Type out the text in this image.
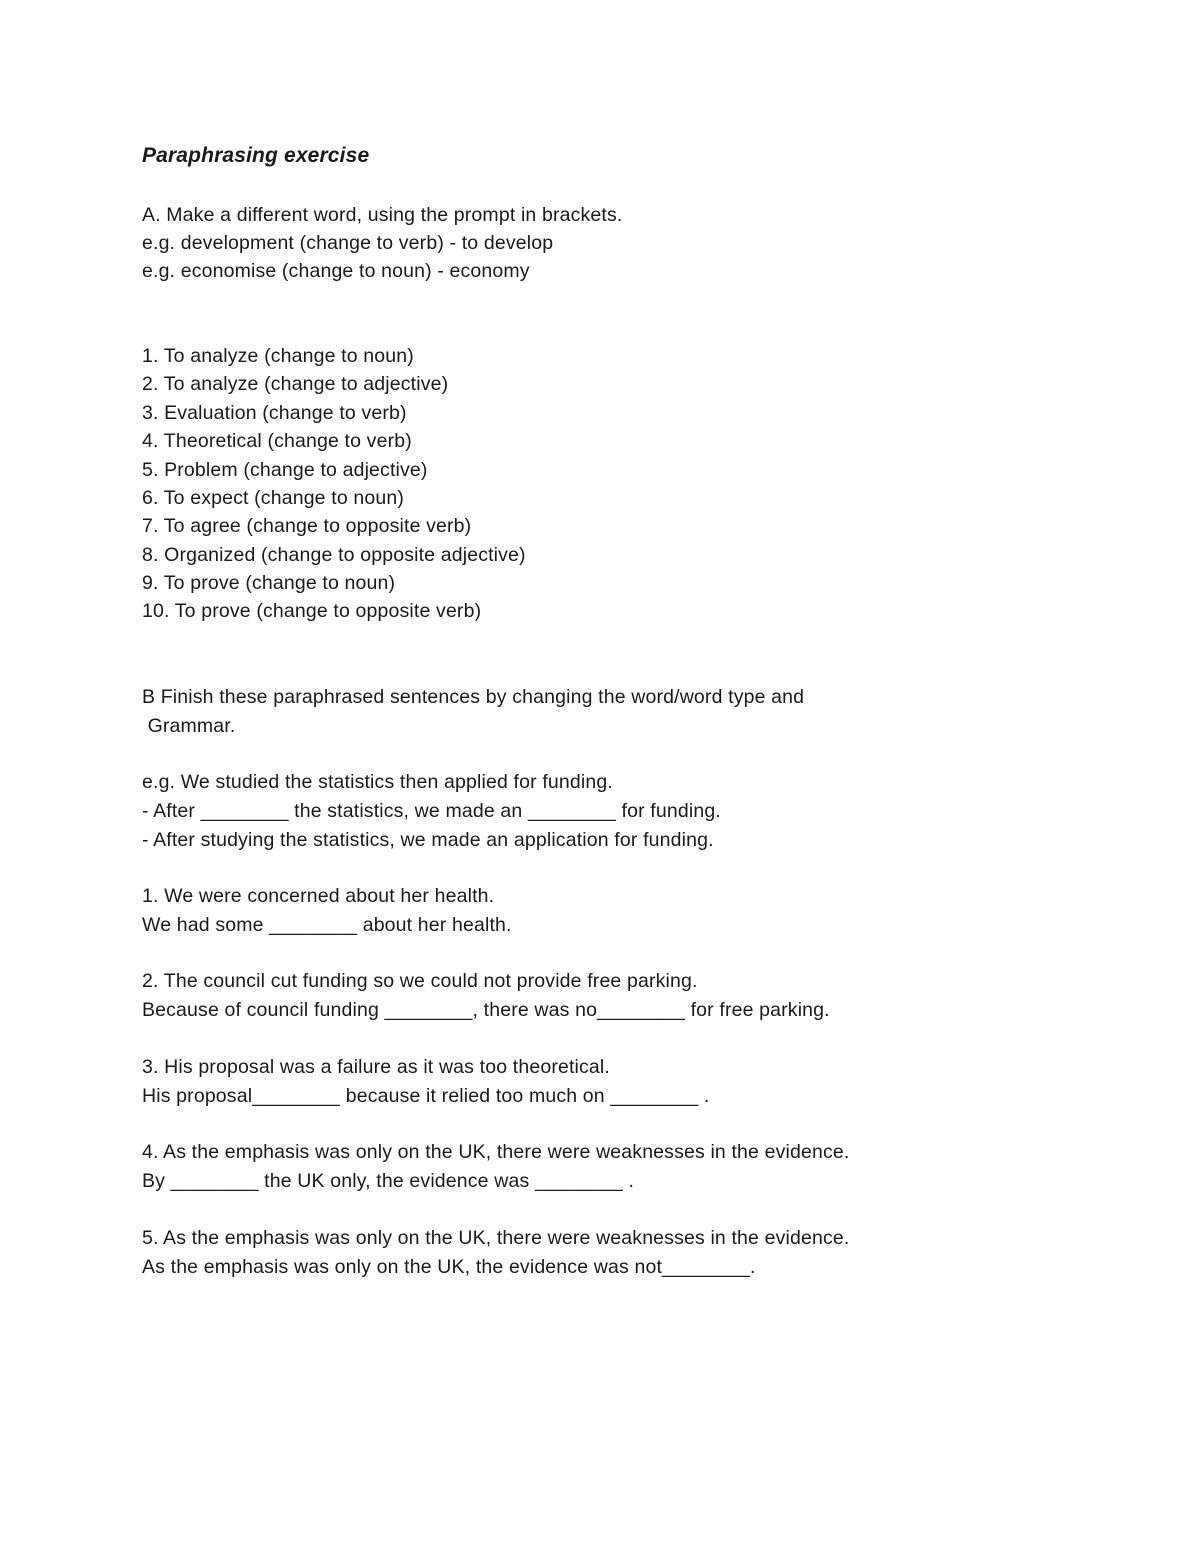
Paraphrasing exercise
A. Make a different word, using the prompt in brackets.
e.g. development (change to verb) - to develop
e.g. economise (change to noun) - economy
1. To analyze (change to noun)
2. To analyze (change to adjective)
3. Evaluation (change to verb)
4. Theoretical (change to verb)
5. Problem (change to adjective)
6. To expect (change to noun)
7. To agree (change to opposite verb)
8. Organized (change to opposite adjective)
9. To prove (change to noun)
10. To prove (change to opposite verb)
B Finish these paraphrased sentences by changing the word/word type and
Grammar.
e.g. We studied the statistics then applied for funding.
- After ________ the statistics, we made an ________ for funding.
- After studying the statistics, we made an application for funding.
1. We were concerned about her health.
We had some ________ about her health.
2. The council cut funding so we could not provide free parking.
Because of council funding ________, there was no________ for free parking.
3. His proposal was a failure as it was too theoretical.
His proposal________ because it relied too much on ________ .
4. As the emphasis was only on the UK, there were weaknesses in the evidence.
By ________ the UK only, the evidence was ________ .
5. As the emphasis was only on the UK, there were weaknesses in the evidence.
As the emphasis was only on the UK, the evidence was not________.
